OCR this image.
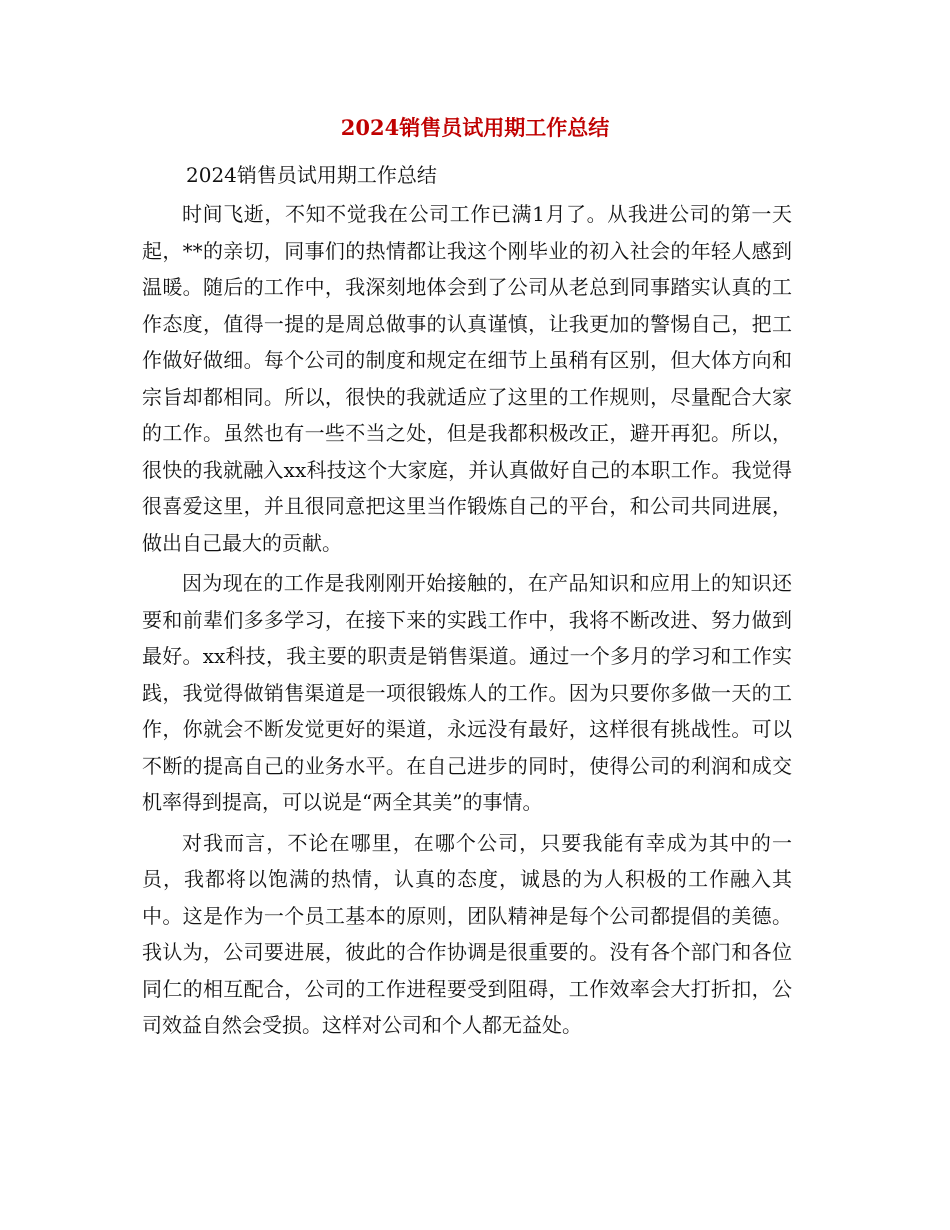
2024销售员试用期工作总结

2024销售员试用期工作总结

时间飞逝，不知不觉我在公司工作已满1月了。从我进公司的第一天起，**的亲切，同事们的热情都让我这个刚毕业的初入社会的年轻人感到温暖。随后的工作中，我深刻地体会到了公司从老总到同事踏实认真的工作态度，值得一提的是周总做事的认真谨慎，让我更加的警惕自己，把工作做好做细。每个公司的制度和规定在细节上虽稍有区别，但大体方向和宗旨却都相同。所以，很快的我就适应了这里的工作规则，尽量配合大家的工作。虽然也有一些不当之处，但是我都积极改正，避开再犯。所以，很快的我就融入xx科技这个大家庭，并认真做好自己的本职工作。我觉得很喜爱这里，并且很同意把这里当作锻炼自己的平台，和公司共同进展，做出自己最大的贡献。

因为现在的工作是我刚刚开始接触的，在产品知识和应用上的知识还要和前辈们多多学习，在接下来的实践工作中，我将不断改进、努力做到最好。xx科技，我主要的职责是销售渠道。通过一个多月的学习和工作实践，我觉得做销售渠道是一项很锻炼人的工作。因为只要你多做一天的工作，你就会不断发觉更好的渠道，永远没有最好，这样很有挑战性。可以不断的提高自己的业务水平。在自己进步的同时，使得公司的利润和成交机率得到提高，可以说是“两全其美”的事情。

对我而言，不论在哪里，在哪个公司，只要我能有幸成为其中的一员，我都将以饱满的热情，认真的态度，诚恳的为人积极的工作融入其中。这是作为一个员工基本的原则，团队精神是每个公司都提倡的美德。我认为，公司要进展，彼此的合作协调是很重要的。没有各个部门和各位同仁的相互配合，公司的工作进程要受到阻碍，工作效率会大打折扣，公司效益自然会受损。这样对公司和个人都无益处。
